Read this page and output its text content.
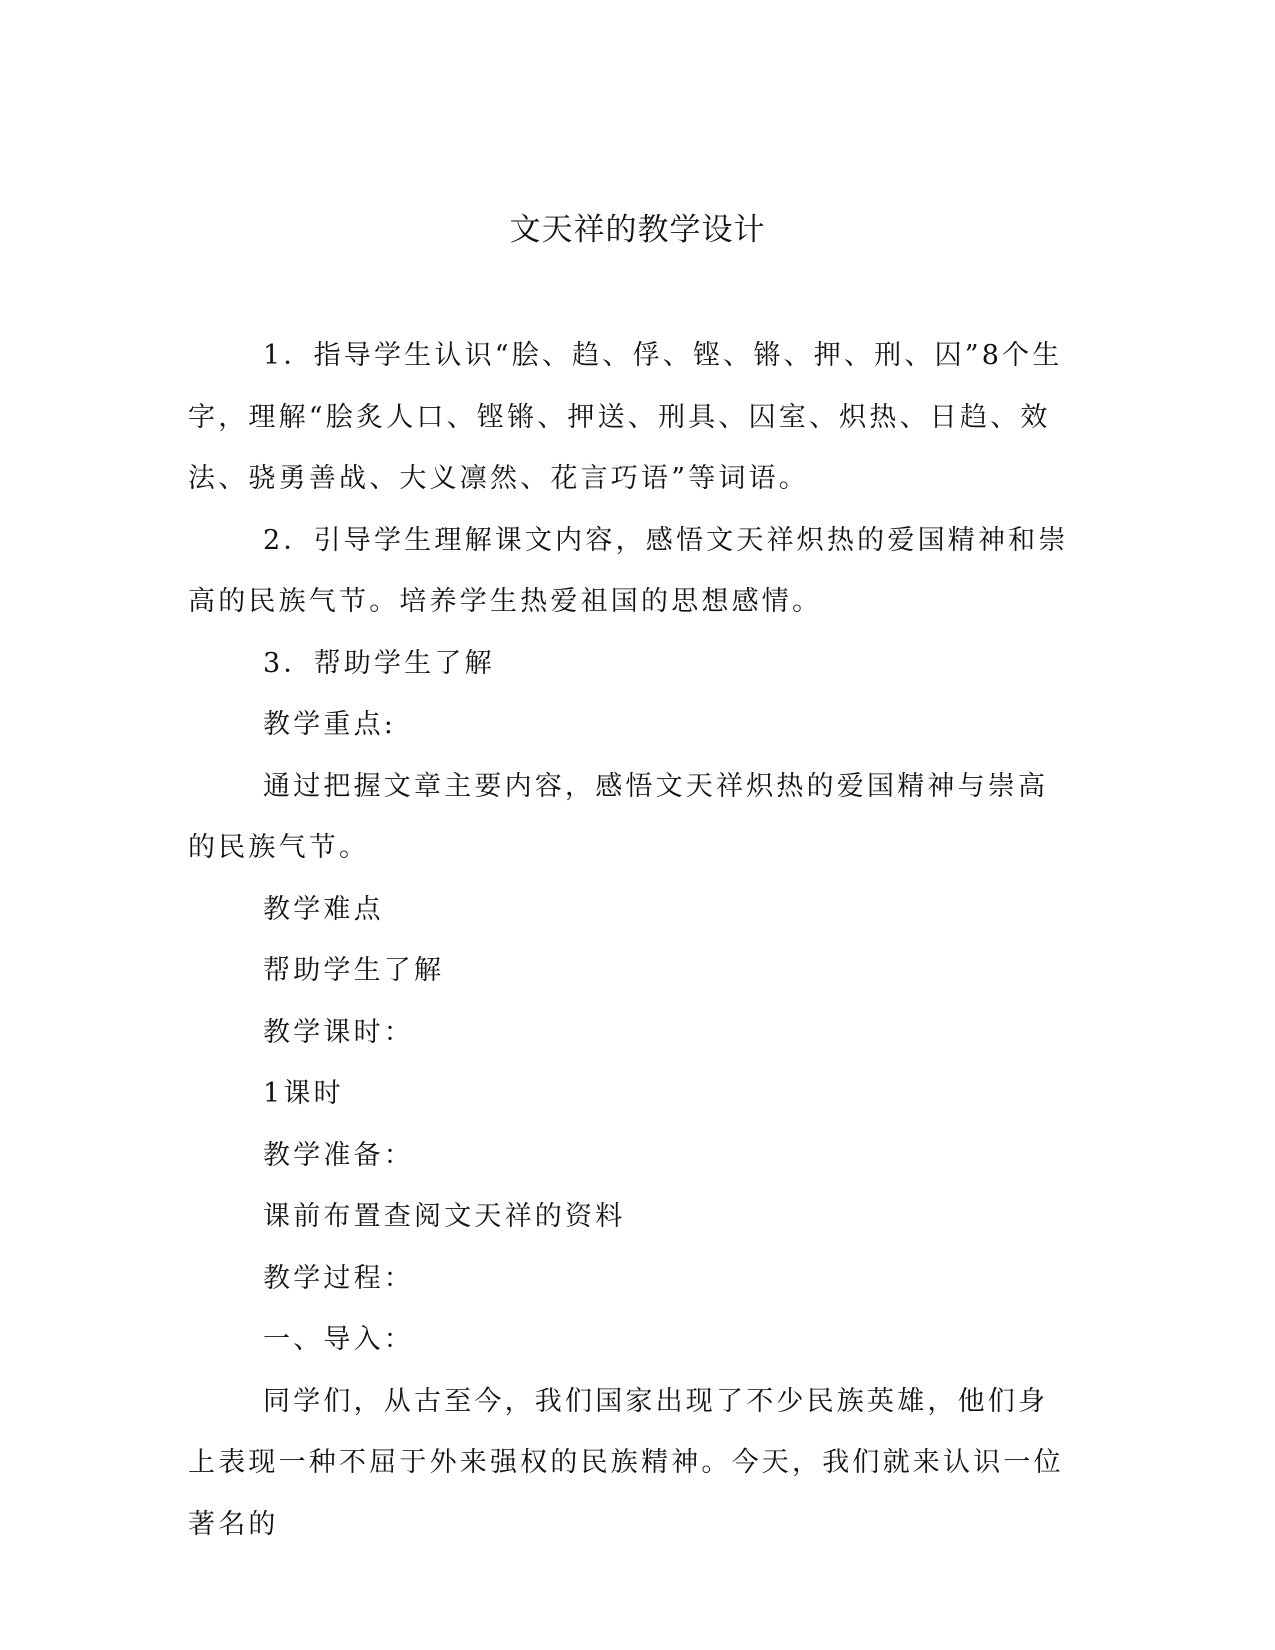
文天祥的教学设计

1．指导学生认识“脍、趋、俘、铿、锵、押、刑、囚”8个生字，理解“脍炙人口、铿锵、押送、刑具、囚室、炽热、日趋、效法、骁勇善战、大义凛然、花言巧语”等词语。

2．引导学生理解课文内容，感悟文天祥炽热的爱国精神和崇高的民族气节。培养学生热爱祖国的思想感情。

3．帮助学生了解

教学重点:

通过把握文章主要内容，感悟文天祥炽热的爱国精神与崇高的民族气节。

教学难点

帮助学生了解

教学课时：

1课时

教学准备：

课前布置查阅文天祥的资料

教学过程：

一、导入：

同学们，从古至今，我们国家出现了不少民族英雄，他们身上表现一种不屈于外来强权的民族精神。今天，我们就来认识一位著名的
